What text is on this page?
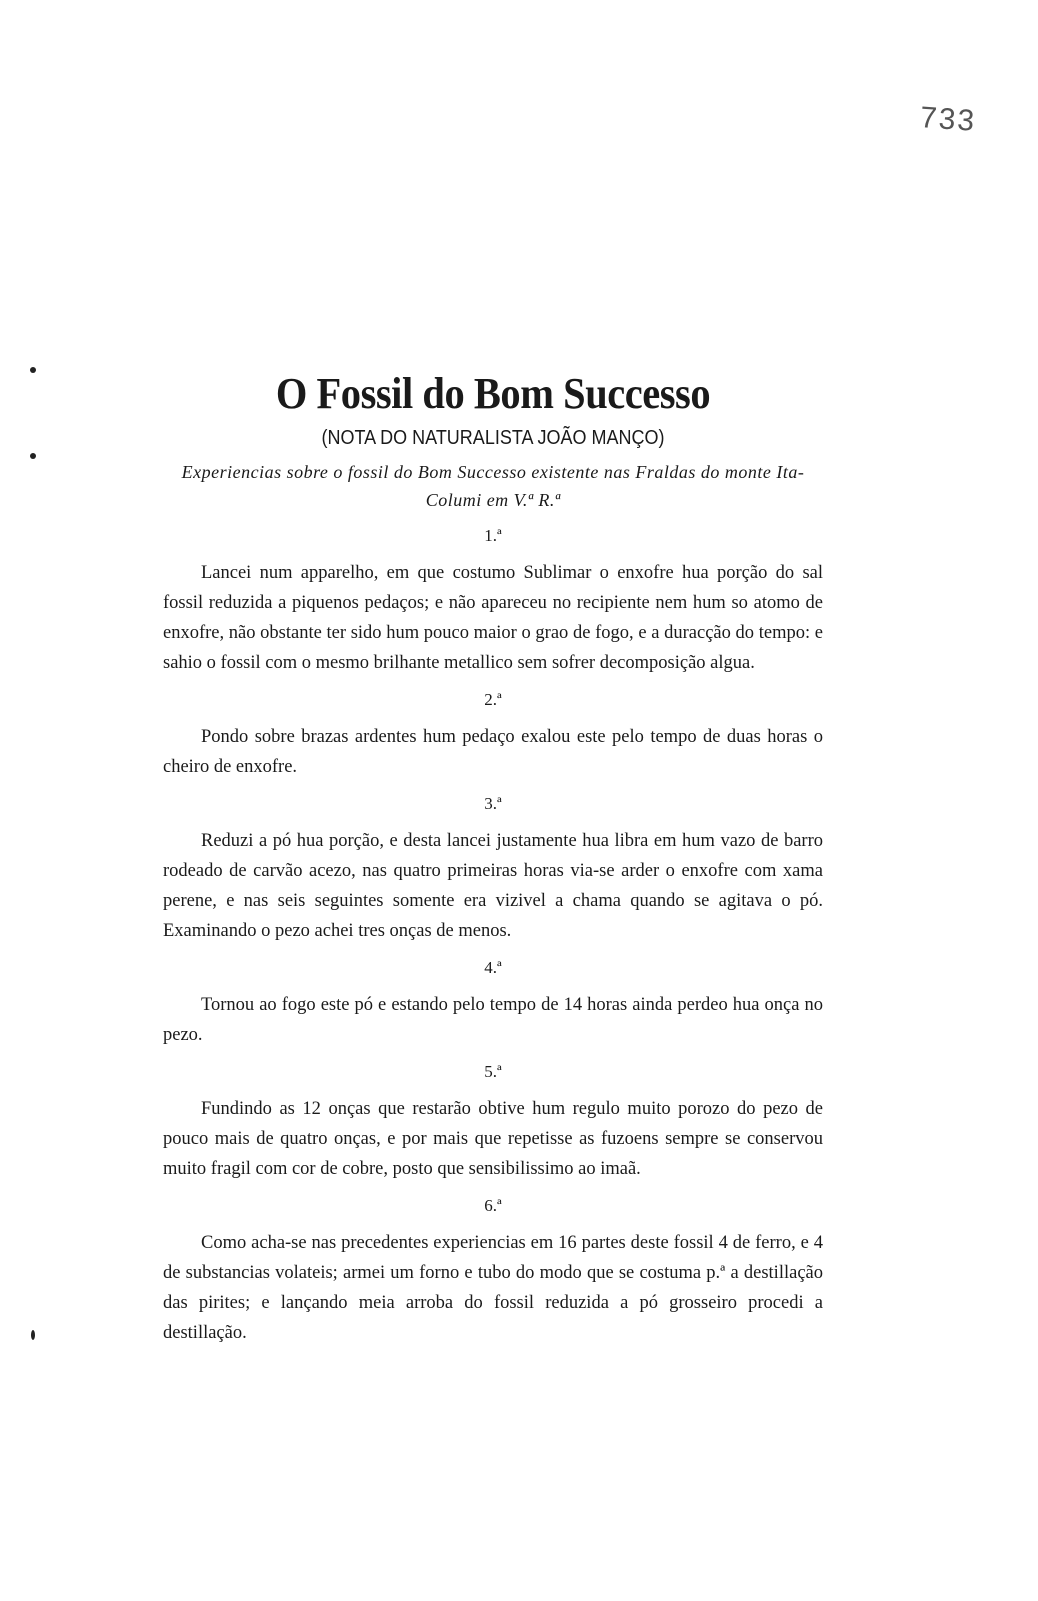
733
O Fossil do Bom Successo

(NOTA DO NATURALISTA JOÃO MANÇO)

Experiencias sobre o fossil do Bom Successo existente nas Fraldas do monte Ita-Columi em V.ª R.ª

1.ª

Lancei num apparelho, em que costumo Sublimar o enxofre hua porção do sal fossil reduzida a piquenos pedaços; e não apareceu no recipiente nem hum so atomo de enxofre, não obstante ter sido hum pouco maior o grao de fogo, e a duracção do tempo: e sahio o fossil com o mesmo brilhante metallico sem sofrer decomposição algua.

2.ª

Pondo sobre brazas ardentes hum pedaço exalou este pelo tempo de duas horas o cheiro de enxofre.

3.ª

Reduzi a pó hua porção, e desta lancei justamente hua libra em hum vazo de barro rodeado de carvão acezo, nas quatro primeiras horas via-se arder o enxofre com xama perene, e nas seis seguintes somente era vizivel a chama quando se agitava o pó. Examinando o pezo achei tres onças de menos.

4.ª

Tornou ao fogo este pó e estando pelo tempo de 14 horas ainda perdeo hua onça no pezo.

5.ª

Fundindo as 12 onças que restarão obtive hum regulo muito porozo do pezo de pouco mais de quatro onças, e por mais que repetisse as fuzoens sempre se conservou muito fragil com cor de cobre, posto que sensibilissimo ao imaã.

6.ª

Como acha-se nas precedentes experiencias em 16 partes deste fossil 4 de ferro, e 4 de substancias volateis; armei um forno e tubo do modo que se costuma p.ª a destillação das pirites; e lançando meia arroba do fossil reduzida a pó grosseiro procedi a destillação.
